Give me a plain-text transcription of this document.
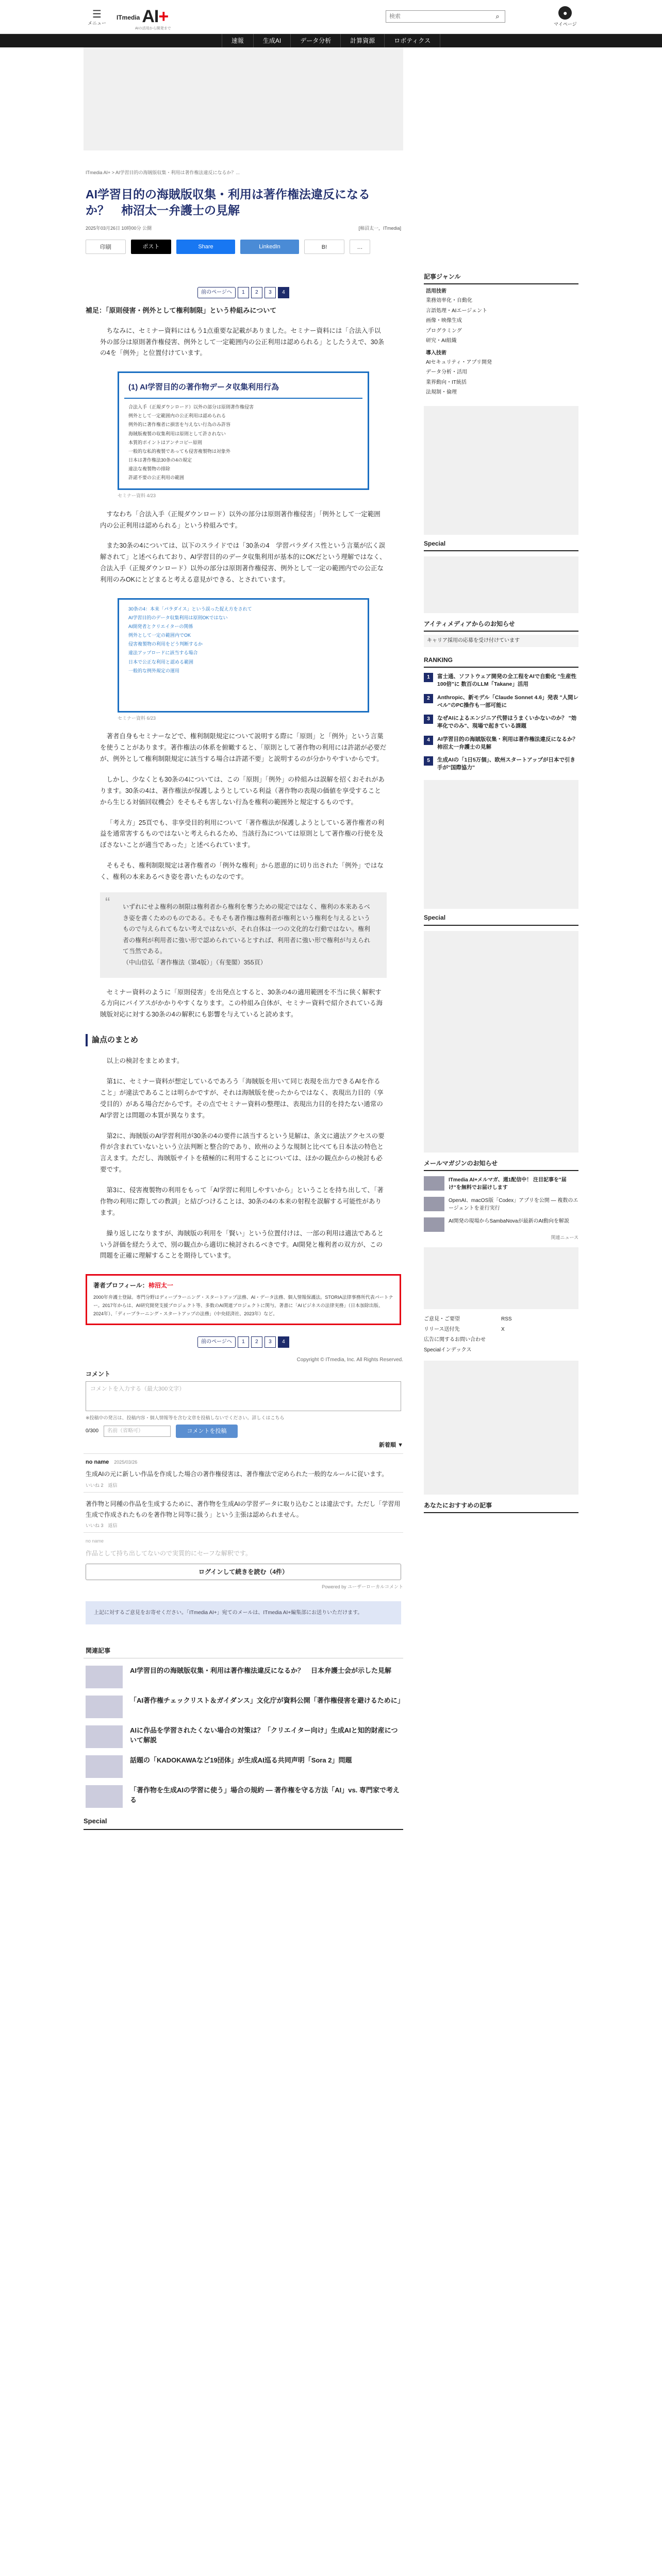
☰
メニュー
ITmedia AI+
AIの活用から開発まで
検索
⌕	●
マイページ
速報	生成AI	データ分析	計算資源	ロボティクス
ITmedia AI+ > AI学習目的の海賊版収集・利用は著作権法違反になるか？...
AI学習目的の海賊版収集・利用は著作権法違反になるか？　柿沼太一弁護士の見解
2025年03月26日 10時00分 公開	[柿沼太一，ITmedia]
印刷	ポスト	Share	LinkedIn	B!	…
前のページへ	1	2	3	4
補足：「原則侵害・例外として権利制限」という枠組みについて

ちなみに、セミナー資料にはもう1点重要な記載がありました。セミナー資料には「合法入手以外の部分は原則著作権侵害、例外として一定範囲内の公正利用は認められる」としたうえで、30条の4を「例外」と位置付けています。

(1) AI学習目的の著作物データ収集利用行為
合法入手（正規ダウンロード）以外の部分は原則著作権侵害
例外として一定範囲内の公正利用は認められる
例外的に著作権者に損害を与えない行為のみ許容
海賊版複製の収集利用は原則として許されない
本質的ポイントはアンチコピー原則
一般的な私的複製であっても侵害複製物は対象外
日本は著作権法30条の4の規定
違法な複製物の排除
許諾不要の公正利用の範囲
セミナー資料 4/23

すなわち「合法入手（正規ダウンロード）以外の部分は原則著作権侵害」「例外として一定範囲内の公正利用は認められる」という枠組みです。

また30条の4については、以下のスライドでは「30条の4　学習パラダイス性という言葉が広く誤解されて」と述べられており、AI学習目的のデータ収集利用が基本的にOKだという理解ではなく、合法入手（正規ダウンロード）以外の部分は原則著作権侵害、例外として一定の範囲内での公正な利用のみOKにとどまると考える意見ができる、とされています。

30条の4：本来「パラダイス」という誤った捉え方をされて
AI学習目的のデータ収集利用は原則OKではない
AI開発者とクリエイターの関係
例外として一定の範囲内でOK
侵害複製物の利用をどう判断するか
違法アップロードに該当する場合
日本で公正な利用と認める範囲
一般的な例外規定の運用
セミナー資料 6/23

著者自身もセミナーなどで、権利制限規定について説明する際に「原則」と「例外」という言葉を使うことがあります。著作権法の体系を俯瞰すると、「原則として著作物の利用には許諾が必要だが、例外として権利制限規定に該当する場合は許諾不要」と説明するのが分かりやすいからです。

しかし、少なくとも30条の4については、この「原則」「例外」の枠組みは誤解を招くおそれがあります。30条の4は、著作権法が保護しようとしている利益（著作物の表現の価値を享受することから生じる対価回収機会）をそもそも害しない行為を権利の範囲外と規定するものです。

「考え方」25頁でも、非享受目的利用について「著作権法が保護しようとしている著作権者の利益を通常害するものではないと考えられるため、当該行為については原則として著作権の行使を及ぼさないことが適当であった」と述べられています。

そもそも、権利制限規定は著作権者の「例外な権利」から恩恵的に切り出された「例外」ではなく、権利の本来あるべき姿を書いたものなのです。

“	いずれにせよ権利の制限は権利者から権利を奪うための規定ではなく、権利の本来あるべき姿を書くためのものである。そもそも著作権は権利者が権利という権利を与えるというもので与えられてもない考えではないが、それ自体は一つの文化的な行動ではない。権利者の権利が利用者に強い形で認められているとすれば、利用者に強い形で権利が与えられて当然である。

（中山信弘「著作権法（第4版）」（有斐閣）355頁）

セミナー資料のように「原則侵害」を出発点とすると、30条の4の適用範囲を不当に狭く解釈する方向にバイアスがかかりやすくなります。この枠組み自体が、セミナー資料で紹介されている海賊版対応に対する30条の4の解釈にも影響を与えていると読めます。

論点のまとめ

以上の検討をまとめます。

第1に、セミナー資料が想定しているであろう「海賊版を用いて同じ表現を出力できるAIを作ること」が違法であることは明らかですが、それは海賊版を使ったからではなく、表現出力目的（享受目的）がある場合だからです。その点でセミナー資料の整理は、表現出力目的を持たない通常のAI学習とは問題の本質が異なります。

第2に、海賊版のAI学習利用が30条の4の要件に該当するという見解は、条文に適法アクセスの要件が含まれていないという立法判断と整合的であり、欧州のような規制と比べても日本法の特色と言えます。ただし、海賊版サイトを積極的に利用することについては、ほかの観点からの検討も必要です。

第3に、侵害複製物の利用をもって「AI学習に利用しやすいから」ということを持ち出して、「著作物の利用に際しての教訓」と結びつけることは、30条の4の本来の射程を誤解する可能性があります。

繰り返しになりますが、海賊版の利用を「賢い」という位置付けは、一部の利用は適法であるという評価を経たうえで、別の観点から適切に検討されるべきです。AI開発と権利者の双方が、この問題を正確に理解することを期待しています。

著者プロフィール：柿沼太一
2000年弁護士登録。専門分野はディープラーニング・スタートアップ法務、AI・データ法務、個人情報保護法。STORIA法律事務所代表パートナー。2017年からは、AI研究開発支援プロジェクト等、多数のAI関連プロジェクトに関与。著書に「AIビジネスの法律実務」（日本加除出版、2024年）、「ディープラーニング・スタートアップの法務」（中央経済社、2023年）など。
前のページへ	1	2	3	4
Copyright © ITmedia, Inc. All Rights Reserved.
コメント
コメントを入力する（最大300文字）
※投稿中の発言は、投稿内容・個人情報等を含む文章を投稿しないでください。詳しくはこちら
0/300	名前（省略可）	コメントを投稿
新着順 ▼
no name 2025/03/26
生成AIの元に新しい作品を作成した場合の著作権侵害は、著作権法で定められた一般的なルールに従います。
いいね 2　返信
著作物と同種の作品を生成するために、著作物を生成AIの学習データに取り込むことは違法です。ただし「学習用生成で作成されたものを著作物と同等に扱う」という主張は認められません。
いいね 3　返信
no name
作品として持ち出してないので実質的にセーフな解釈です。
ログインして続きを読む（4件）
Powered by ユーザーローカルコメント
上記に対するご意見をお寄せください。「ITmedia AI+」宛てのメールは、ITmedia AI+編集部にお送りいただけます。
関連記事
AI学習目的の海賊版収集・利用は著作権法違反になるか？　日本弁護士会が示した見解
「AI著作権チェックリスト＆ガイダンス」文化庁が資料公開「著作権侵害を避けるために」
AIに作品を学習されたくない場合の対策は？「クリエイター向け」生成AIと知的財産について解説
話題の「KADOKAWAなど19団体」が生成AI巡る共同声明「Sora 2」問題
「著作物を生成AIの学習に使う」場合の規約 — 著作権を守る方法「AI」vs. 専門家で考える
Special
記事ジャンル
活用技術
業務効率化・自動化
言語処理・AIエージェント
画像・映像生成
プログラミング
研究・AI組織
導入技術
AIセキュリティ・アプリ開発
データ分析・活用
業界動向・IT統括
法規制・倫理
Special
アイティメディアからのお知らせ
キャリア採用の応募を受け付けています
RANKING
1	富士通、ソフトウェア開発の全工程をAIで自動化 "生産性100倍"に 数百のLLM「Takane」活用
2	Anthropic、新モデル「Claude Sonnet 4.6」発表 "人間レベル"のPC操作も一部可能に
3	なぜAIによるエンジニア代替はうまくいかないのか？ "効率化でのみ"、現場で起きている課題
4	AI学習目的の海賊版収集・利用は著作権法違反になるか？　柿沼太一弁護士の見解
5	生成AIの「1日5万個」、欧州スタートアップが日本で引き手が"国際協力"
Special
メールマガジンのお知らせ
ITmedia AI+メルマガ、週1配信中！ 注目記事を"届け"を無料でお届けします
OpenAI、macOS版「Codex」アプリを公開 — 複数のエージェントを並行実行
AI開発の現場からSambaNovaが最新のAI動向を解説
関連ニュース
ご意見・ご要望	RSS
リリース送付先	X
広告に関するお問い合わせ
Specialインデックス
あなたにおすすめの記事
